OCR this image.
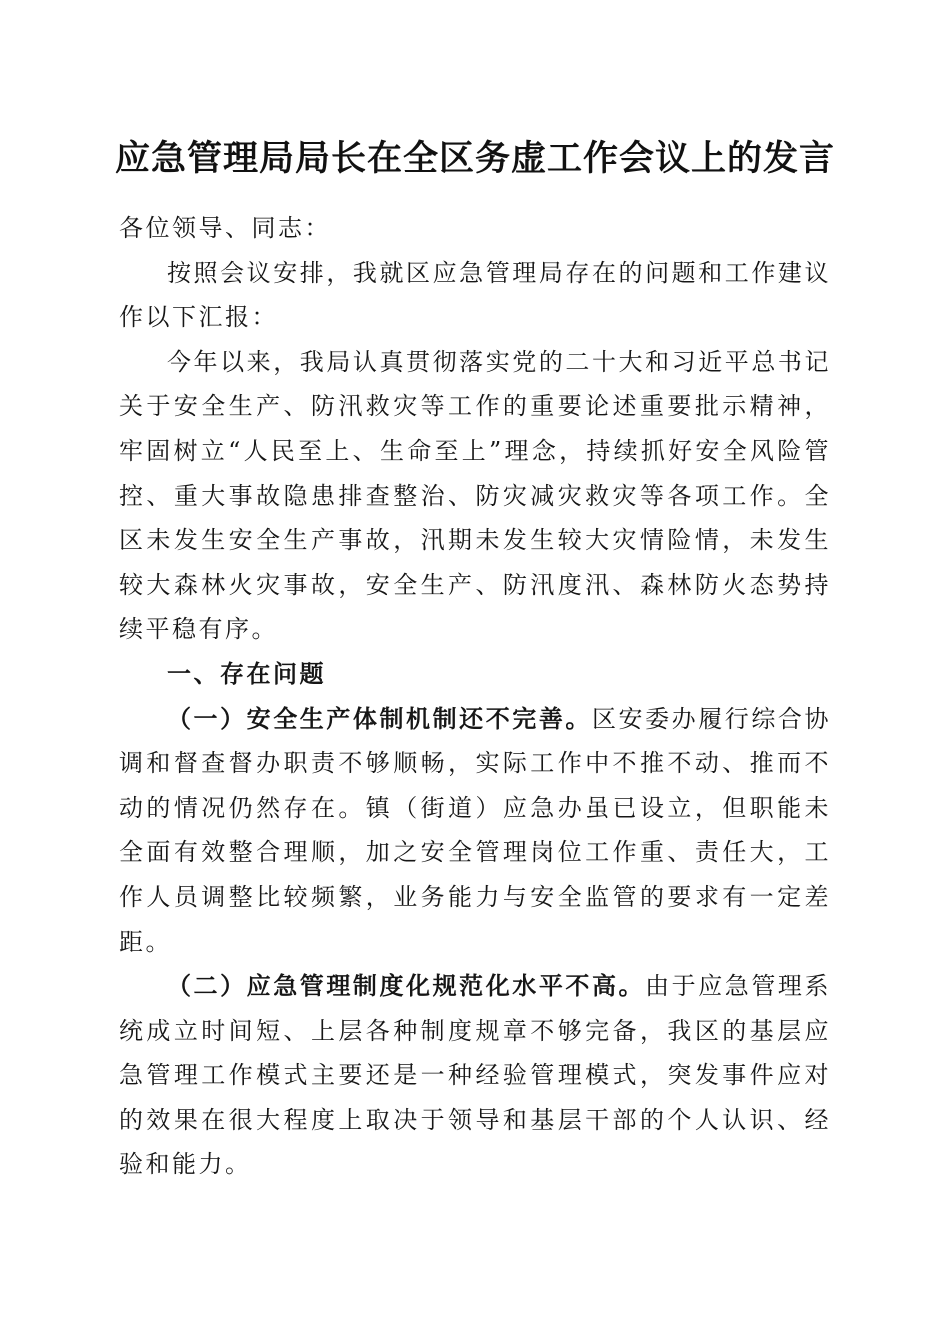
应急管理局局长在全区务虚工作会议上的发言

各位领导、同志：

按照会议安排，我就区应急管理局存在的问题和工作建议作以下汇报：

今年以来，我局认真贯彻落实党的二十大和习近平总书记关于安全生产、防汛救灾等工作的重要论述重要批示精神，牢固树立“人民至上、生命至上”理念，持续抓好安全风险管控、重大事故隐患排查整治、防灾减灾救灾等各项工作。全区未发生安全生产事故，汛期未发生较大灾情险情，未发生较大森林火灾事故，安全生产、防汛度汛、森林防火态势持续平稳有序。

一、存在问题

（一）安全生产体制机制还不完善。区安委办履行综合协调和督查督办职责不够顺畅，实际工作中不推不动、推而不动的情况仍然存在。镇（街道）应急办虽已设立，但职能未全面有效整合理顺，加之安全管理岗位工作重、责任大，工作人员调整比较频繁，业务能力与安全监管的要求有一定差距。

（二）应急管理制度化规范化水平不高。由于应急管理系统成立时间短、上层各种制度规章不够完备，我区的基层应急管理工作模式主要还是一种经验管理模式，突发事件应对的效果在很大程度上取决于领导和基层干部的个人认识、经验和能力。
